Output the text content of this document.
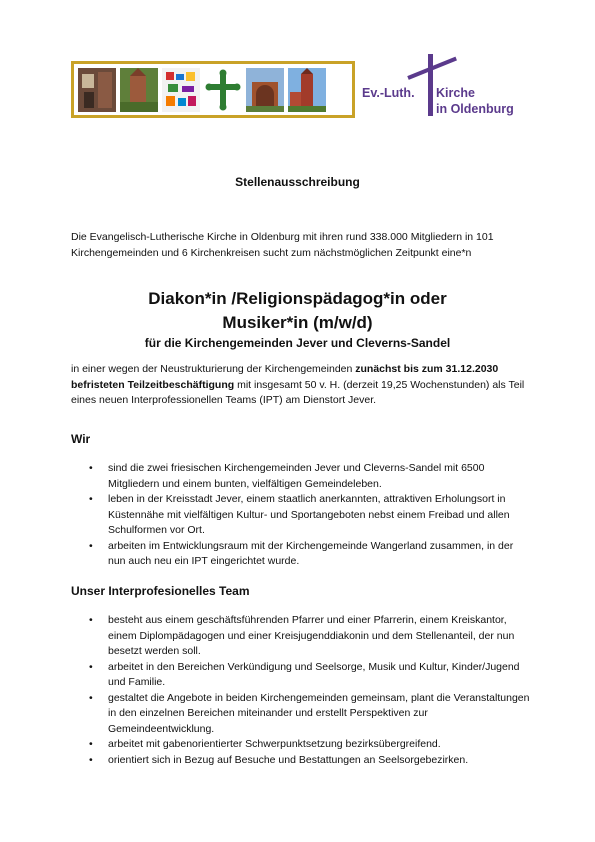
Ev.-Luth. Kirche
in Oldenburg
Stellenausschreibung
Die Evangelisch-Lutherische Kirche in Oldenburg mit ihren rund 338.000 Mitgliedern in 101 Kirchengemeinden und 6 Kirchenkreisen sucht zum nächstmöglichen Zeitpunkt eine*n
Diakon*in /Religionspädagog*in oder
Musiker*in (m/w/d)
für die Kirchengemeinden Jever und Cleverns-Sandel
in einer wegen der Neustrukturierung der Kirchengemeinden zunächst bis zum 31.12.2030 befristeten Teilzeitbeschäftigung mit insgesamt 50 v. H. (derzeit 19,25 Wochenstunden) als Teil eines neuen Interprofessionellen Teams (IPT) am Dienstort Jever.
Wir
• sind die zwei friesischen Kirchengemeinden Jever und Cleverns-Sandel mit 6500 Mitgliedern und einem bunten, vielfältigen Gemeindeleben.
• leben in der Kreisstadt Jever, einem staatlich anerkannten, attraktiven Erholungsort in Küstennähe mit vielfältigen Kultur- und Sportangeboten nebst einem Freibad und allen Schulformen vor Ort.
• arbeiten im Entwicklungsraum mit der Kirchengemeinde Wangerland zusammen, in der nun auch neu ein IPT eingerichtet wurde.
Unser Interprofesionelles Team
• besteht aus einem geschäftsführenden Pfarrer und einer Pfarrerin, einem Kreiskantor, einem Diplompädagogen und einer Kreisjugenddiakonin und dem Stellenanteil, der nun besetzt werden soll.
• arbeitet in den Bereichen Verkündigung und Seelsorge, Musik und Kultur, Kinder/Jugend und Familie.
• gestaltet die Angebote in beiden Kirchengemeinden gemeinsam, plant die Veranstaltungen in den einzelnen Bereichen miteinander und erstellt Perspektiven zur Gemeindeentwicklung.
• arbeitet mit gabenorientierter Schwerpunktsetzung bezirksübergreifend.
• orientiert sich in Bezug auf Besuche und Bestattungen an Seelsorgebezirken.
